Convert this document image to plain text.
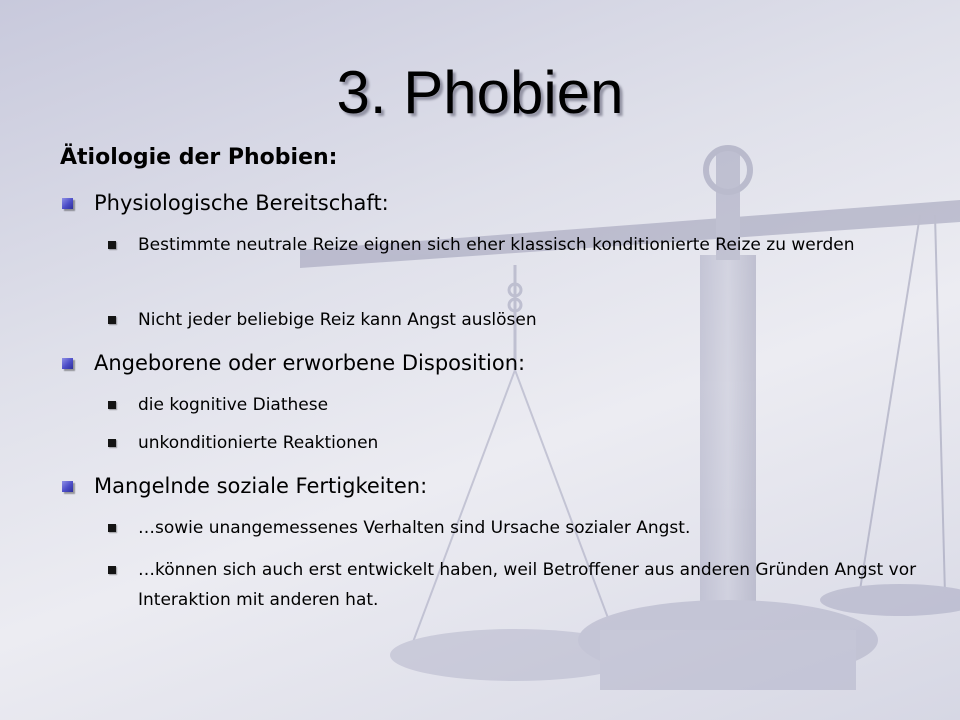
3. Phobien
Ätiologie der Phobien:
Physiologische Bereitschaft:
Bestimmte neutrale Reize eignen sich eher klassisch konditionierte Reize zu werden
Nicht jeder beliebige Reiz kann Angst auslösen
Angeborene oder erworbene Disposition:
die kognitive Diathese
unkonditionierte Reaktionen
Mangelnde soziale Fertigkeiten:
…sowie unangemessenes Verhalten sind Ursache sozialer Angst.
…können sich auch erst entwickelt haben, weil Betroffener aus anderen Gründen Angst vor Interaktion mit anderen hat.
